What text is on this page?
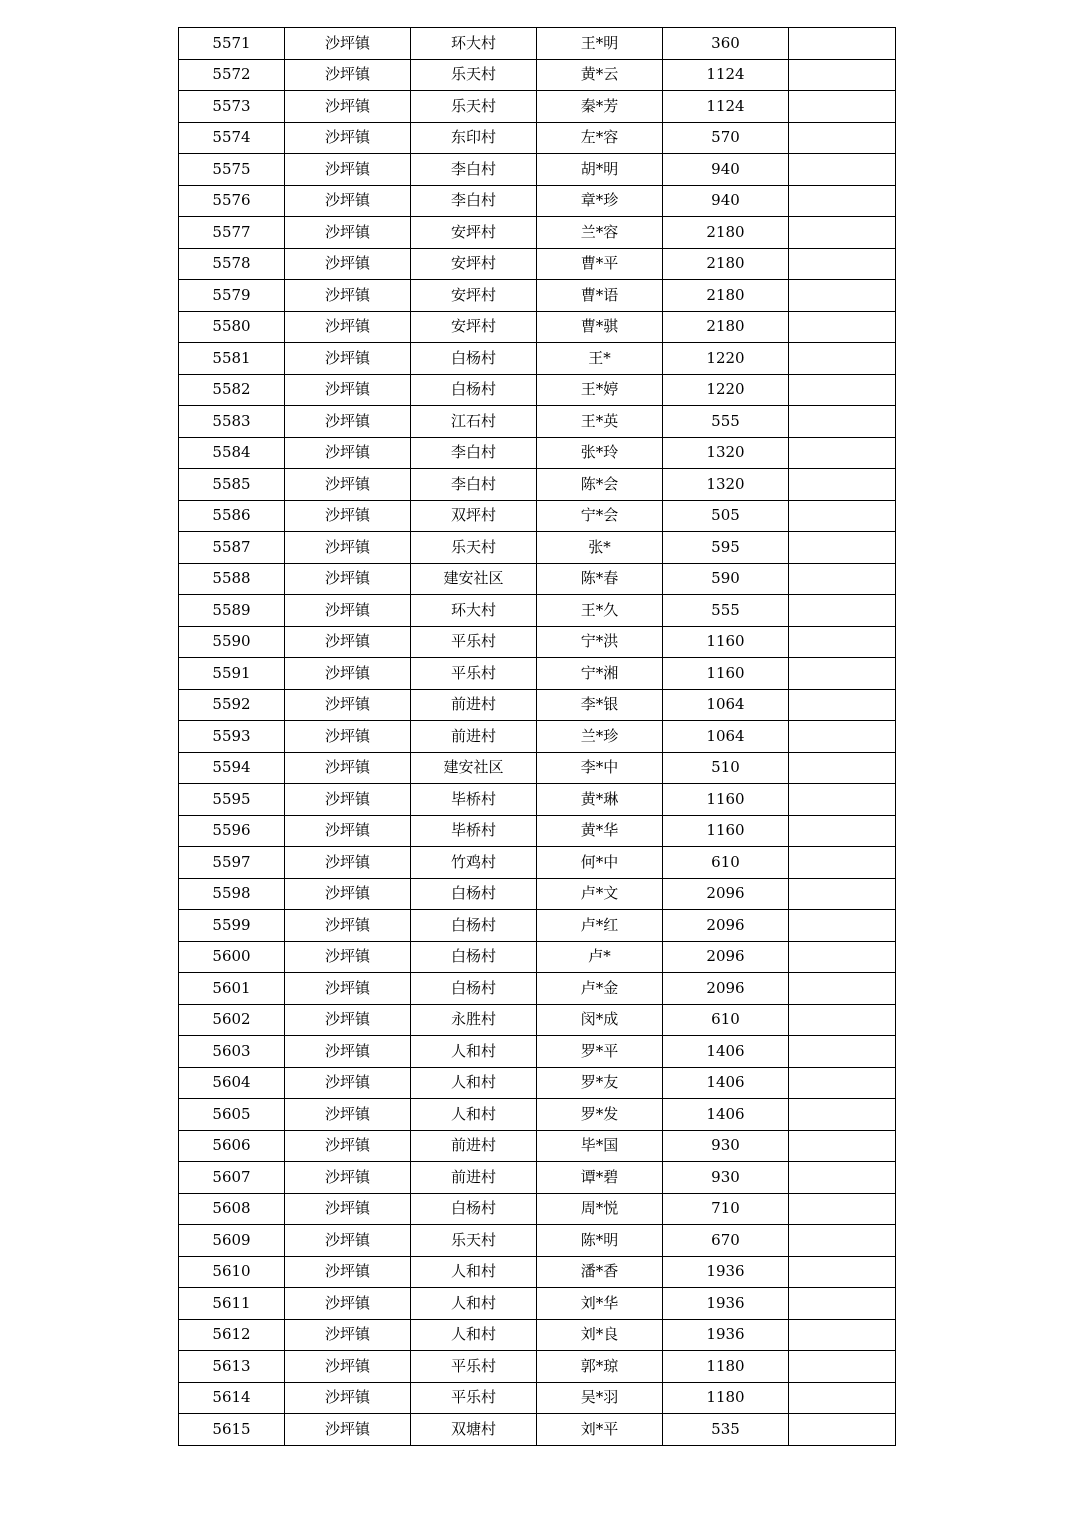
5571	沙坪镇	环大村	王*明	360	
5572	沙坪镇	乐天村	黄*云	1124	
5573	沙坪镇	乐天村	秦*芳	1124	
5574	沙坪镇	东印村	左*容	570	
5575	沙坪镇	李白村	胡*明	940	
5576	沙坪镇	李白村	章*珍	940	
5577	沙坪镇	安坪村	兰*容	2180	
5578	沙坪镇	安坪村	曹*平	2180	
5579	沙坪镇	安坪村	曹*语	2180	
5580	沙坪镇	安坪村	曹*骐	2180	
5581	沙坪镇	白杨村	王*	1220	
5582	沙坪镇	白杨村	王*婷	1220	
5583	沙坪镇	江石村	王*英	555	
5584	沙坪镇	李白村	张*玲	1320	
5585	沙坪镇	李白村	陈*会	1320	
5586	沙坪镇	双坪村	宁*会	505	
5587	沙坪镇	乐天村	张*	595	
5588	沙坪镇	建安社区	陈*春	590	
5589	沙坪镇	环大村	王*久	555	
5590	沙坪镇	平乐村	宁*洪	1160	
5591	沙坪镇	平乐村	宁*湘	1160	
5592	沙坪镇	前进村	李*银	1064	
5593	沙坪镇	前进村	兰*珍	1064	
5594	沙坪镇	建安社区	李*中	510	
5595	沙坪镇	毕桥村	黄*琳	1160	
5596	沙坪镇	毕桥村	黄*华	1160	
5597	沙坪镇	竹鸡村	何*中	610	
5598	沙坪镇	白杨村	卢*文	2096	
5599	沙坪镇	白杨村	卢*红	2096	
5600	沙坪镇	白杨村	卢*	2096	
5601	沙坪镇	白杨村	卢*金	2096	
5602	沙坪镇	永胜村	闵*成	610	
5603	沙坪镇	人和村	罗*平	1406	
5604	沙坪镇	人和村	罗*友	1406	
5605	沙坪镇	人和村	罗*发	1406	
5606	沙坪镇	前进村	毕*国	930	
5607	沙坪镇	前进村	谭*碧	930	
5608	沙坪镇	白杨村	周*悦	710	
5609	沙坪镇	乐天村	陈*明	670	
5610	沙坪镇	人和村	潘*香	1936	
5611	沙坪镇	人和村	刘*华	1936	
5612	沙坪镇	人和村	刘*良	1936	
5613	沙坪镇	平乐村	郭*琼	1180	
5614	沙坪镇	平乐村	吴*羽	1180	
5615	沙坪镇	双塘村	刘*平	535	
